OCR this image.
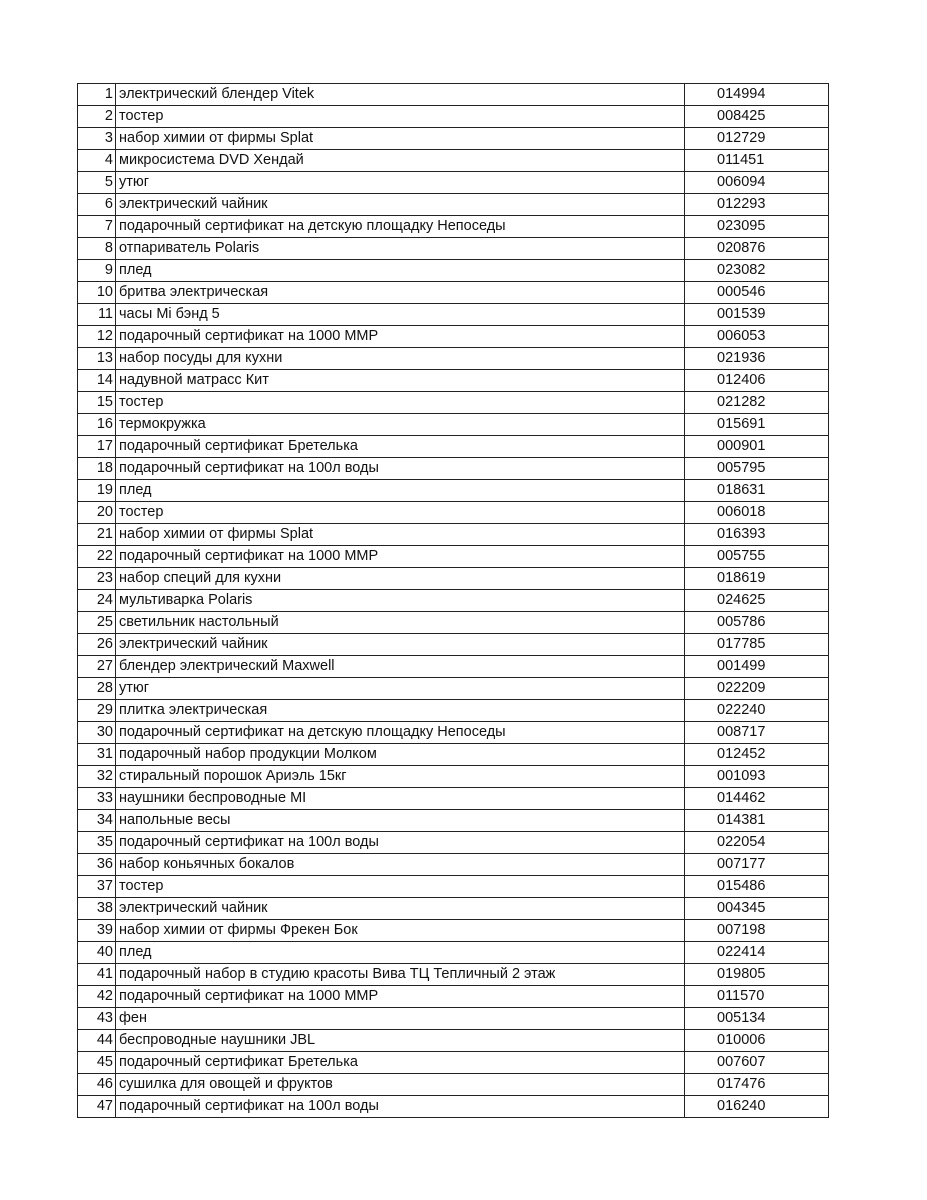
1	электрический блендер Vitek	014994
2	тостер	008425
3	набор химии от фирмы Splat	012729
4	микросистема DVD Хендай	011451
5	утюг	006094
6	электрический чайник	012293
7	подарочный сертификат на детскую площадку Непоседы	023095
8	отпариватель Polaris	020876
9	плед	023082
10	бритва электрическая	000546
11	часы Mi бэнд 5	001539
12	подарочный сертификат на 1000 МMP	006053
13	набор посуды для кухни	021936
14	надувной матрасс Кит	012406
15	тостер	021282
16	термокружка	015691
17	подарочный сертификат Бретелька	000901
18	подарочный сертификат на 100л воды	005795
19	плед	018631
20	тостер	006018
21	набор химии от фирмы Splat	016393
22	подарочный сертификат на 1000 МMP	005755
23	набор специй для кухни	018619
24	мультиварка Polaris	024625
25	светильник настольный	005786
26	электрический чайник	017785
27	блендер электрический Maxwell	001499
28	утюг	022209
29	плитка электрическая	022240
30	подарочный сертификат на детскую площадку Непоседы	008717
31	подарочный набор продукции Молком	012452
32	стиральный порошок Ариэль 15кг	001093
33	наушники беспроводные MI	014462
34	напольные весы	014381
35	подарочный сертификат на 100л воды	022054
36	набор коньячных бокалов	007177
37	тостер	015486
38	электрический чайник	004345
39	набор химии от фирмы Фрекен Бок	007198
40	плед	022414
41	подарочный набор в студию красоты Вива ТЦ Тепличный 2 этаж	019805
42	подарочный сертификат на 1000 МMP	011570
43	фен	005134
44	беспроводные наушники JBL	010006
45	подарочный сертификат Бретелька	007607
46	сушилка для овощей и фруктов	017476
47	подарочный сертификат на 100л воды	016240
